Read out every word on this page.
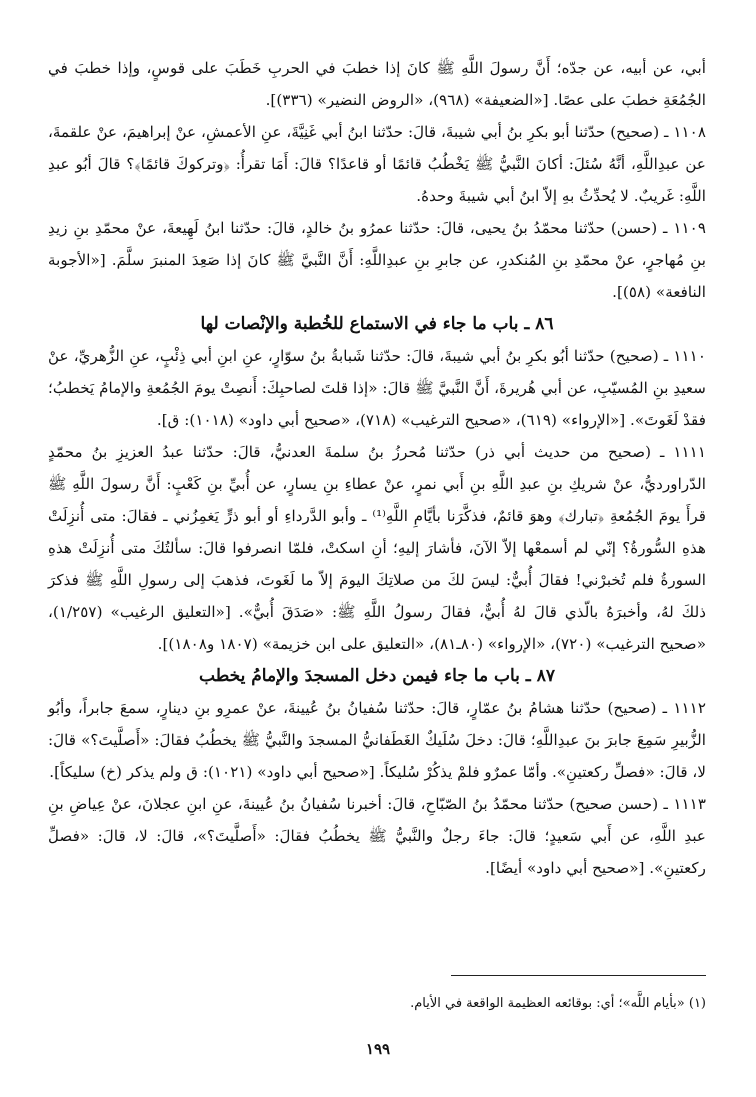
أبي، عن أبيه، عن جدّه؛ أَنَّ رسولَ اللَّهِ ﷺ كانَ إذا خطبَ في الحربِ خَطَبَ على قوسٍ، وإذا خطبَ في الجُمُعَةِ خطبَ على عصًا. [«الضعيفة» (٩٦٨)، «الروض النضير» (٣٣٦)].

١١٠٨ ـ (صحيح) حدّثنا أبو بكرِ بنُ أبي شيبةَ، قالَ: حدّثنا ابنُ أبي غَنِيَّةَ، عنِ الأعمشِ، عنْ إبراهيمَ، عنْ علقمةَ، عن عبدِاللَّهِ، أنَّهُ سُئلَ: أكانَ النَّبيُّ ﷺ يَخْطُبُ قائمًا أو قاعدًا؟ قالَ: أَمَا تقرأُ: ﴿وتركوكَ قائمًا﴾؟ قالَ أبُو عبدِ اللَّهِ: غَريبٌ. لا يُحدِّثُ بهِ إلاّ ابنُ أبي شيبةَ وحدهُ.

١١٠٩ ـ (حسن) حدّثنا محمّدُ بنُ يحيى، قالَ: حدّثنا عمرُو بنُ خالدٍ، قالَ: حدّثنا ابنُ لَهِيعةَ، عنْ محمّدِ بنِ زيدِ بنِ مُهاجرٍ، عنْ محمّدِ بنِ المُنكدرِ، عن جابرِ بنِ عبدِاللَّهِ: أَنَّ النَّبيَّ ﷺ كانَ إذا صَعِدَ المنبرَ سلَّمَ. [«الأجوبة النافعة» (٥٨)].

٨٦ ـ باب ما جاء في الاستماع للخُطبة والإنْصات لها

١١١٠ ـ (صحيح) حدّثنا أبُو بكرِ بنُ أبي شيبةَ، قالَ: حدّثنا شَبابةُ بنُ سوّارٍ، عنِ ابنِ أبي ذِئْبٍ، عنِ الزُّهريِّ، عنْ سعيدِ بنِ المُسيّبِ، عن أبي هُريرةَ، أَنَّ النَّبيَّ ﷺ قالَ: «إذا قلتَ لصاحبِكَ: أَنصِتْ يومَ الجُمُعةِ والإمامُ يَخطبُ؛ فقدْ لَغَوتَ». [«الإرواء» (٦١٩)، «صحيح الترغيب» (٧١٨)، «صحيح أبي داود» (١٠١٨): ق].

١١١١ ـ (صحيح من حديث أبي ذر) حدّثنا مُحرزُ بنُ سلمةَ العدنيُّ، قالَ: حدّثنا عبدُ العزيزِ بنُ محمّدٍ الدّراورديُّ، عنْ شريكِ بنِ عبدِ اللَّهِ بنِ أَبي نمرٍ، عنْ عطاءِ بنِ يسارٍ، عن أُبيِّ بنِ كَعْبٍ: أَنَّ رسولَ اللَّهِ ﷺ قرأَ يومَ الجُمُعةِ ﴿تبارك﴾ وهوَ قائمٌ، فذكَّرَنا بأيَّامِ اللَّهِ⁽¹⁾ ـ وأبو الدَّرداءِ أو أبو ذرٍّ يَغمِزُني ـ فقالَ: متى أُنزِلَتْ هذهِ السُّورةُ؟ إنّي لم أسمعْها إلاّ الآنَ، فأشارَ إليهِ؛ أنِ اسكتْ، فلمّا انصرفوا قالَ: سألتُكَ متى أُنزِلَتْ هذهِ السورةُ فلم تُخبرْني! فقالَ أُبيٌّ: ليسَ لكَ من صلاتِكَ اليومَ إلاّ ما لَغَوتَ، فذهبَ إلى رسولِ اللَّهِ ﷺ فذكرَ ذلكَ لهُ، وأخبرَهُ بالّذي قالَ لهُ أُبيٌّ، فقالَ رسولُ اللَّهِ ﷺ: «صَدَقَ أُبيٌّ». [«التعليق الرغيب» (١/٢٥٧)، «صحيح الترغيب» (٧٢٠)، «الإرواء» (٨٠ـ٨١)، «التعليق على ابن خزيمة» (١٨٠٧ و١٨٠٨)].

٨٧ ـ باب ما جاء فيمن دخل المسجدَ والإمامُ يخطب

١١١٢ ـ (صحيح) حدّثنا هشامُ بنُ عمّارٍ، قالَ: حدّثنا سُفيانُ بنُ عُيينةَ، عنْ عمرِو بنِ دينارٍ، سمعَ جابراً، وأبُو الزُّبيرِ سَمِعَ جابرَ بنَ عبدِاللَّهِ؛ قالَ: دخلَ سُلَيكٌ الغَطَفانيُّ المسجدَ والنَّبيُّ ﷺ يخطُبُ فقالَ: «أَصلَّيتَ؟» قالَ: لا، قالَ: «فصلِّ ركعتينِ». وأمّا عمرٌو فلمْ يذكُرْ سُليكاً. [«صحيح أبي داود» (١٠٢١): ق ولم يذكر (خ) سليكاً].

١١١٣ ـ (حسن صحيح) حدّثنا محمّدُ بنُ الصّبّاحِ، قالَ: أخبرنا سُفيانُ بنُ عُيينةَ، عنِ ابنِ عجلانَ، عنْ عِياضِ بنِ عبدِ اللَّهِ، عن أَبي سَعيدٍ؛ قالَ: جاءَ رجلٌ والنَّبيُّ ﷺ يخطُبُ فقالَ: «أَصلَّيتَ؟»، قالَ: لا، قالَ: «فصلِّ ركعتينِ». [«صحيح أبي داود» أيضًا].

(١) «بأيام اللَّه»؛ أي: بوقائعه العظيمة الواقعة في الأيام.
١٩٩
